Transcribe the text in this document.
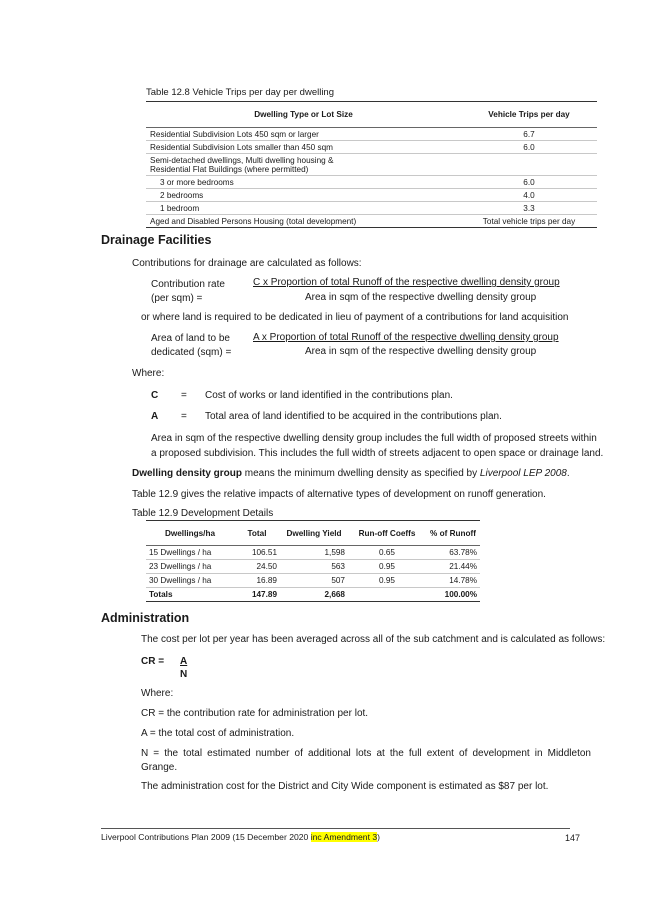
Table 12.8 Vehicle Trips per day per dwelling
Dwelling Type or Lot Size	Vehicle Trips per day
Residential Subdivision Lots 450 sqm or larger	6.7
Residential Subdivision Lots smaller than 450 sqm	6.0
Semi-detached dwellings, Multi dwelling housing & Residential Flat Buildings (where permitted)	
3 or more bedrooms	6.0
2 bedrooms	4.0
1 bedroom	3.3
Aged and Disabled Persons Housing (total development)	Total vehicle trips per day
Drainage Facilities
Contributions for drainage are calculated as follows:
Contribution rate
(per sqm) =
C x Proportion of total Runoff of the respective dwelling density group
Area in sqm of the respective dwelling density group
or where land is required to be dedicated in lieu of payment of a contributions for land acquisition
Area of land to be
dedicated (sqm) =
A x Proportion of total Runoff of the respective dwelling density group
Area in sqm of the respective dwelling density group
Where:
C = Cost of works or land identified in the contributions plan.
A = Total area of land identified to be acquired in the contributions plan.
Area in sqm of the respective dwelling density group includes the full width of proposed streets within
a proposed subdivision. This includes the full width of streets adjacent to open space or drainage land.
Dwelling density group means the minimum dwelling density as specified by Liverpool LEP 2008.
Table 12.9 gives the relative impacts of alternative types of development on runoff generation.
Table 12.9 Development Details
Dwellings/ha	Total	Dwelling Yield	Run-off Coeffs	% of Runoff
15 Dwellings / ha	106.51	1,598	0.65	63.78%
23 Dwellings / ha	24.50	563	0.95	21.44%
30 Dwellings / ha	16.89	507	0.95	14.78%
Totals	147.89	2,668		100.00%
Administration
The cost per lot per year has been averaged across all of the sub catchment and is calculated as follows:
CR = A
N
Where:
CR = the contribution rate for administration per lot.
A = the total cost of administration.
N = the total estimated number of additional lots at the full extent of development in Middleton
Grange.
The administration cost for the District and City Wide component is estimated as $87 per lot.
Liverpool Contributions Plan 2009 (15 December 2020 inc Amendment 3)	147
